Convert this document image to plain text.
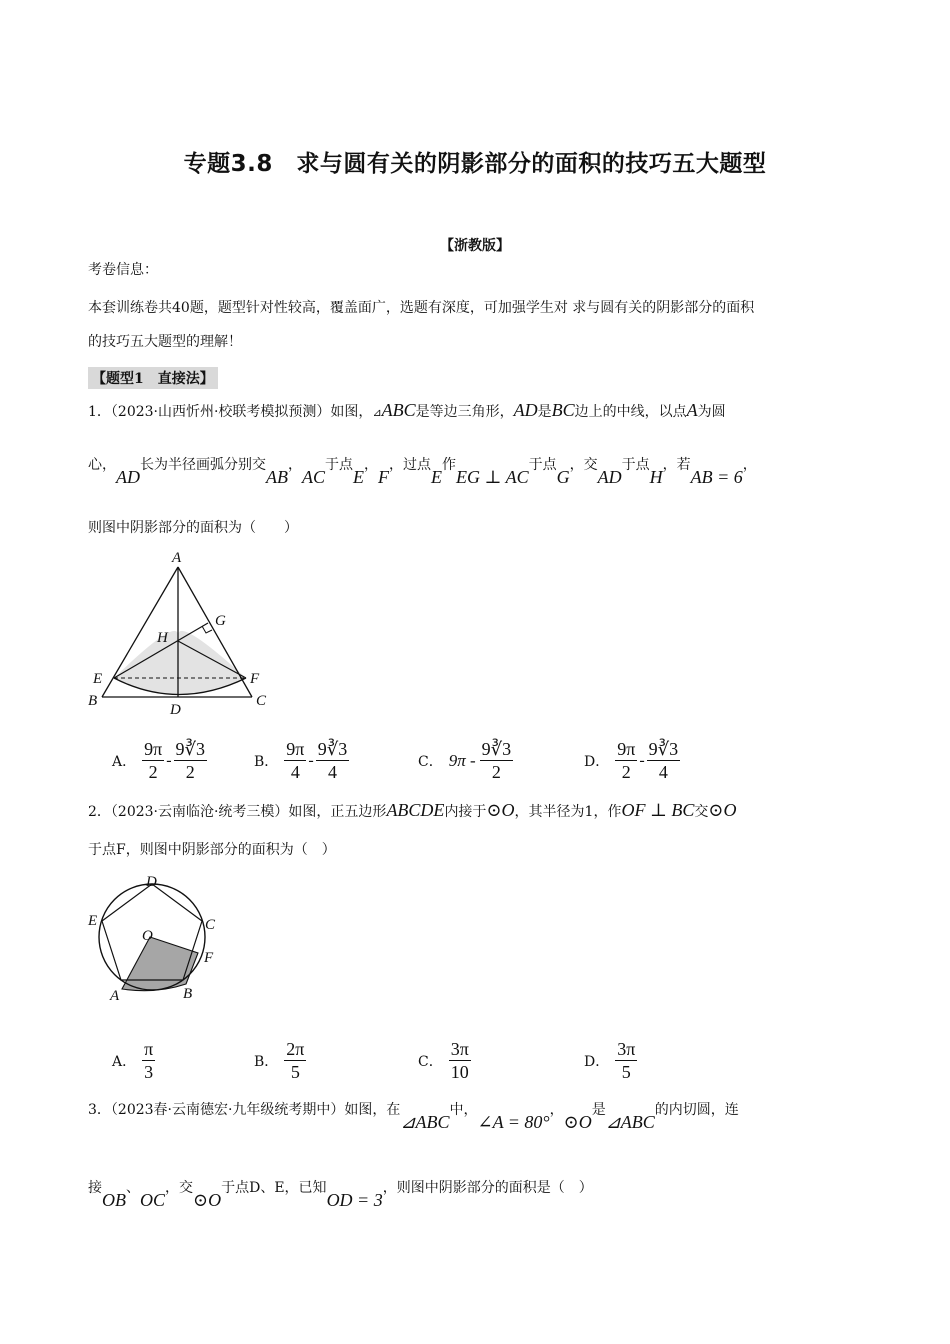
专题3.8　求与圆有关的阴影部分的面积的技巧五大题型
【浙教版】
考卷信息：
本套训练卷共40题，题型针对性较高，覆盖面广，选题有深度，可加强学生对 求与圆有关的阴影部分的面积
的技巧五大题型的理解！
【题型1　直接法】
1．（2023·山西忻州·校联考模拟预测）如图，⊿ABC是等边三角形，AD是BC边上的中线，以点A为圆
心，AD长为半径画弧分别交AB，AC于点E，F，过点E作EG ⊥ AC于点G，交AD于点H，若AB = 6，
则图中阴影部分的面积为（　　）
A
B	C
D
E	F
G
H
A． $\frac{9\pi}{2} - \frac{9∛3}{2}$	B． $\frac{9\pi}{4} - \frac{9∛3}{4}$	C． $9\pi - \frac{9∛3}{2}$	D． $\frac{9\pi}{2} - \frac{9∛3}{4}$
2．（2023·云南临沧·统考三模）如图，正五边形ABCDE内接于⊙O，其半径为1，作OF ⊥ BC交⊙O
于点F，则图中阴影部分的面积为（　）
D
C
E
O
F
A	B
A． $\frac{\pi}{3}$	B． $\frac{2\pi}{5}$	C． $\frac{3\pi}{10}$	D． $\frac{3\pi}{5}$
3．（2023春·云南德宏·九年级统考期中）如图，在⊿ABC中，∠A = 80°，⊙O是⊿ABC的内切圆，连
接OB、OC，交⊙O于点D、E，已知OD = 3，则图中阴影部分的面积是（　）
